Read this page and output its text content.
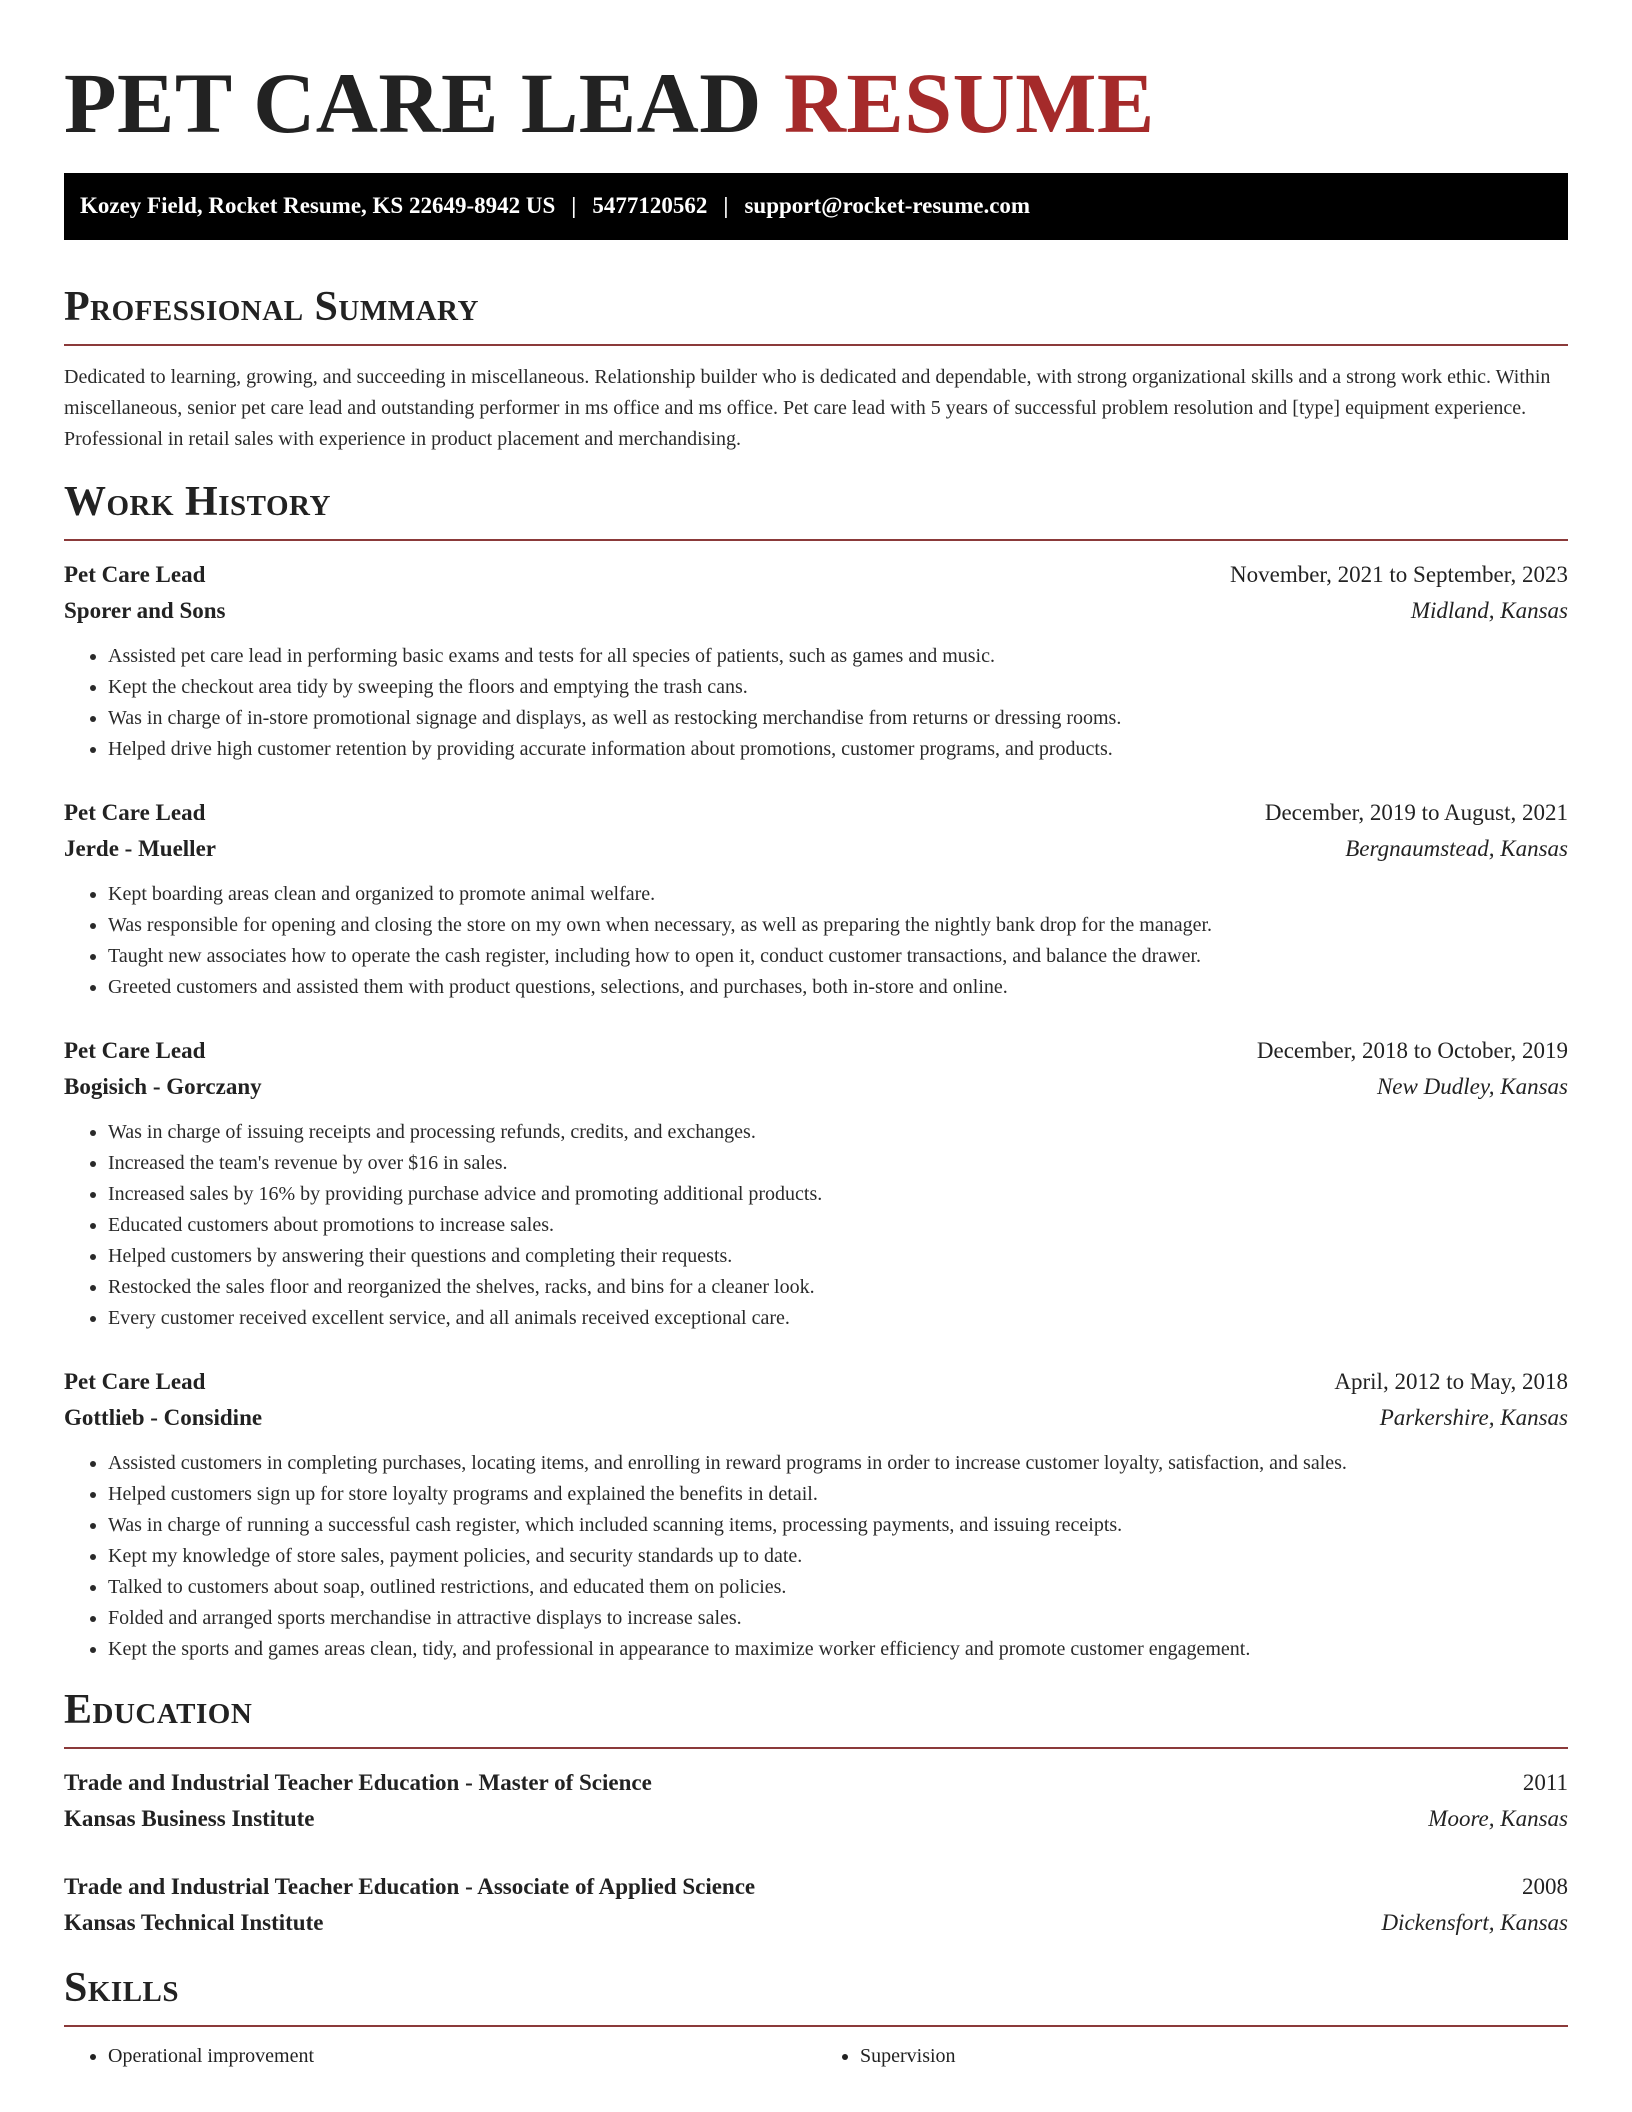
PET CARE LEAD RESUME
Kozey Field, Rocket Resume, KS 22649-8942 US | 5477120562 | support@rocket-resume.com
Professional Summary

Dedicated to learning, growing, and succeeding in miscellaneous. Relationship builder who is dedicated and dependable, with strong organizational skills and a strong work ethic. Within miscellaneous, senior pet care lead and outstanding performer in ms office and ms office. Pet care lead with 5 years of successful problem resolution and [type] equipment experience. Professional in retail sales with experience in product placement and merchandising.

Work History
Pet Care Lead	November, 2021 to September, 2023
Sporer and Sons	Midland, Kansas
• Assisted pet care lead in performing basic exams and tests for all species of patients, such as games and music.
• Kept the checkout area tidy by sweeping the floors and emptying the trash cans.
• Was in charge of in-store promotional signage and displays, as well as restocking merchandise from returns or dressing rooms.
• Helped drive high customer retention by providing accurate information about promotions, customer programs, and products.
Pet Care Lead	December, 2019 to August, 2021
Jerde - Mueller	Bergnaumstead, Kansas
• Kept boarding areas clean and organized to promote animal welfare.
• Was responsible for opening and closing the store on my own when necessary, as well as preparing the nightly bank drop for the manager.
• Taught new associates how to operate the cash register, including how to open it, conduct customer transactions, and balance the drawer.
• Greeted customers and assisted them with product questions, selections, and purchases, both in-store and online.
Pet Care Lead	December, 2018 to October, 2019
Bogisich - Gorczany	New Dudley, Kansas
• Was in charge of issuing receipts and processing refunds, credits, and exchanges.
• Increased the team's revenue by over $16 in sales.
• Increased sales by 16% by providing purchase advice and promoting additional products.
• Educated customers about promotions to increase sales.
• Helped customers by answering their questions and completing their requests.
• Restocked the sales floor and reorganized the shelves, racks, and bins for a cleaner look.
• Every customer received excellent service, and all animals received exceptional care.
Pet Care Lead	April, 2012 to May, 2018
Gottlieb - Considine	Parkershire, Kansas
• Assisted customers in completing purchases, locating items, and enrolling in reward programs in order to increase customer loyalty, satisfaction, and sales.
• Helped customers sign up for store loyalty programs and explained the benefits in detail.
• Was in charge of running a successful cash register, which included scanning items, processing payments, and issuing receipts.
• Kept my knowledge of store sales, payment policies, and security standards up to date.
• Talked to customers about soap, outlined restrictions, and educated them on policies.
• Folded and arranged sports merchandise in attractive displays to increase sales.
• Kept the sports and games areas clean, tidy, and professional in appearance to maximize worker efficiency and promote customer engagement.
Education
Trade and Industrial Teacher Education - Master of Science	2011
Kansas Business Institute	Moore, Kansas
Trade and Industrial Teacher Education - Associate of Applied Science	2008
Kansas Technical Institute	Dickensfort, Kansas
Skills
• Operational improvement
•	Supervision
